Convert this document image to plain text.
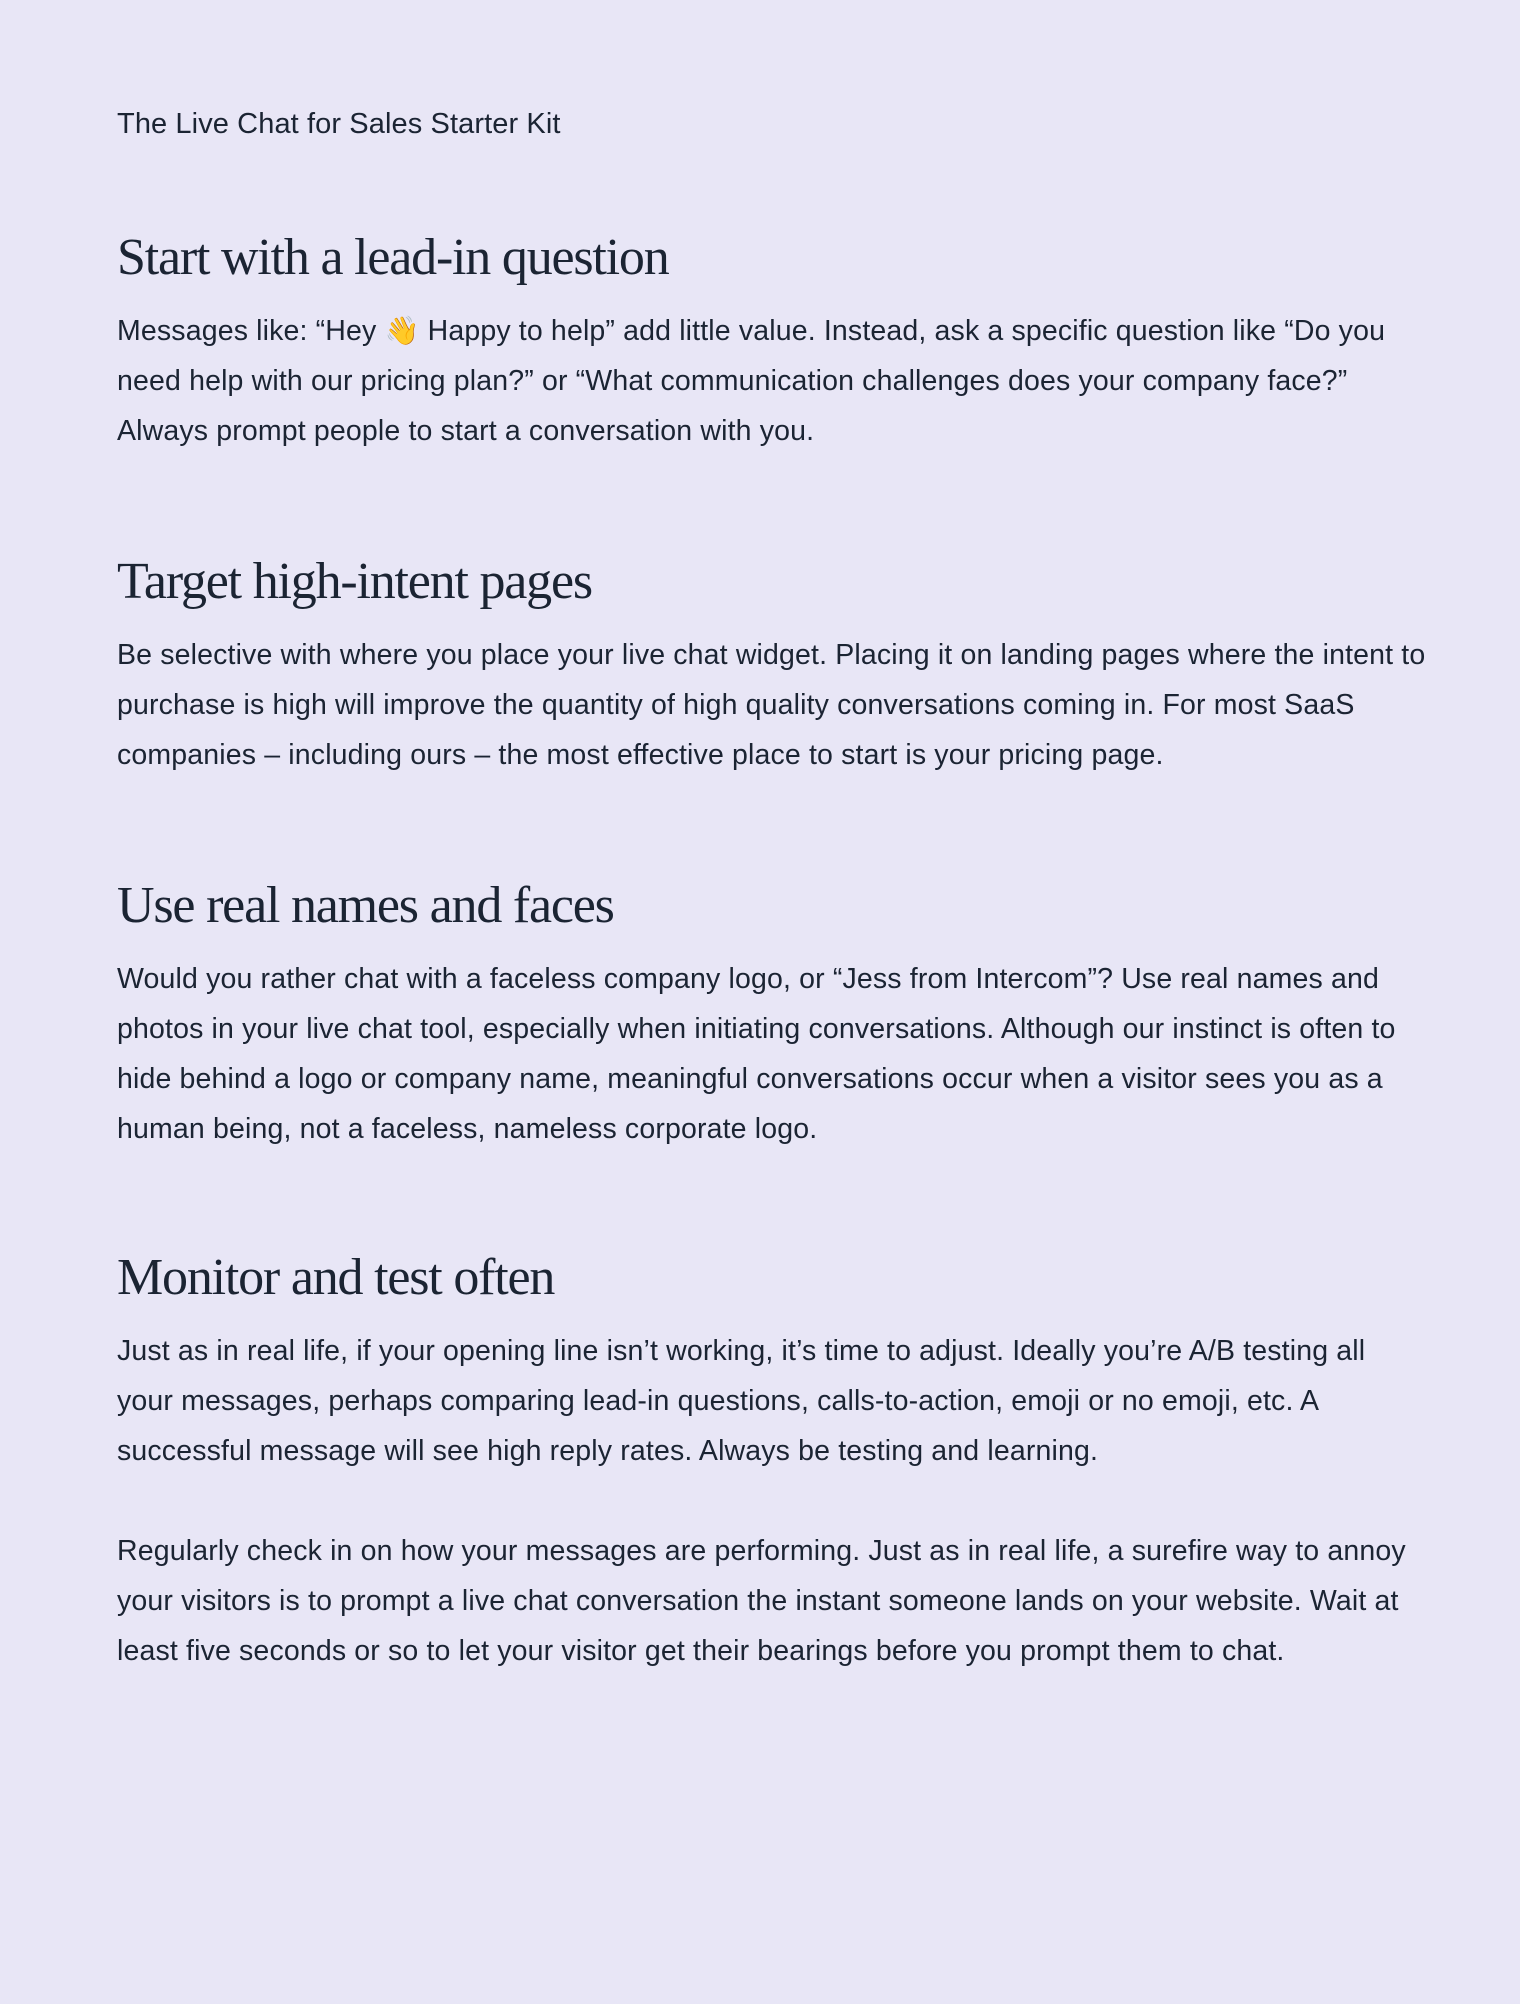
The Live Chat for Sales Starter Kit
Start with a lead-in question

Messages like: “Hey 👋 Happy to help” add little value. Instead, ask a specific question like “Do you need help with our pricing plan?” or “What communication challenges does your company face?” Always prompt people to start a conversation with you.

Target high-intent pages

Be selective with where you place your live chat widget. Placing it on landing pages where the intent to purchase is high will improve the quantity of high quality conversations coming in. For most SaaS companies – including ours – the most effective place to start is your pricing page.

Use real names and faces

Would you rather chat with a faceless company logo, or “Jess from Intercom”? Use real names and photos in your live chat tool, especially when initiating conversations. Although our instinct is often to hide behind a logo or company name, meaningful conversations occur when a visitor sees you as a human being, not a faceless, nameless corporate logo.

Monitor and test often

Just as in real life, if your opening line isn’t working, it’s time to adjust. Ideally you’re A/B testing all your messages, perhaps comparing lead-in questions, calls-to-action, emoji or no emoji, etc. A successful message will see high reply rates. Always be testing and learning.

Regularly check in on how your messages are performing. Just as in real life, a surefire way to annoy your visitors is to prompt a live chat conversation the instant someone lands on your website. Wait at least five seconds or so to let your visitor get their bearings before you prompt them to chat.
